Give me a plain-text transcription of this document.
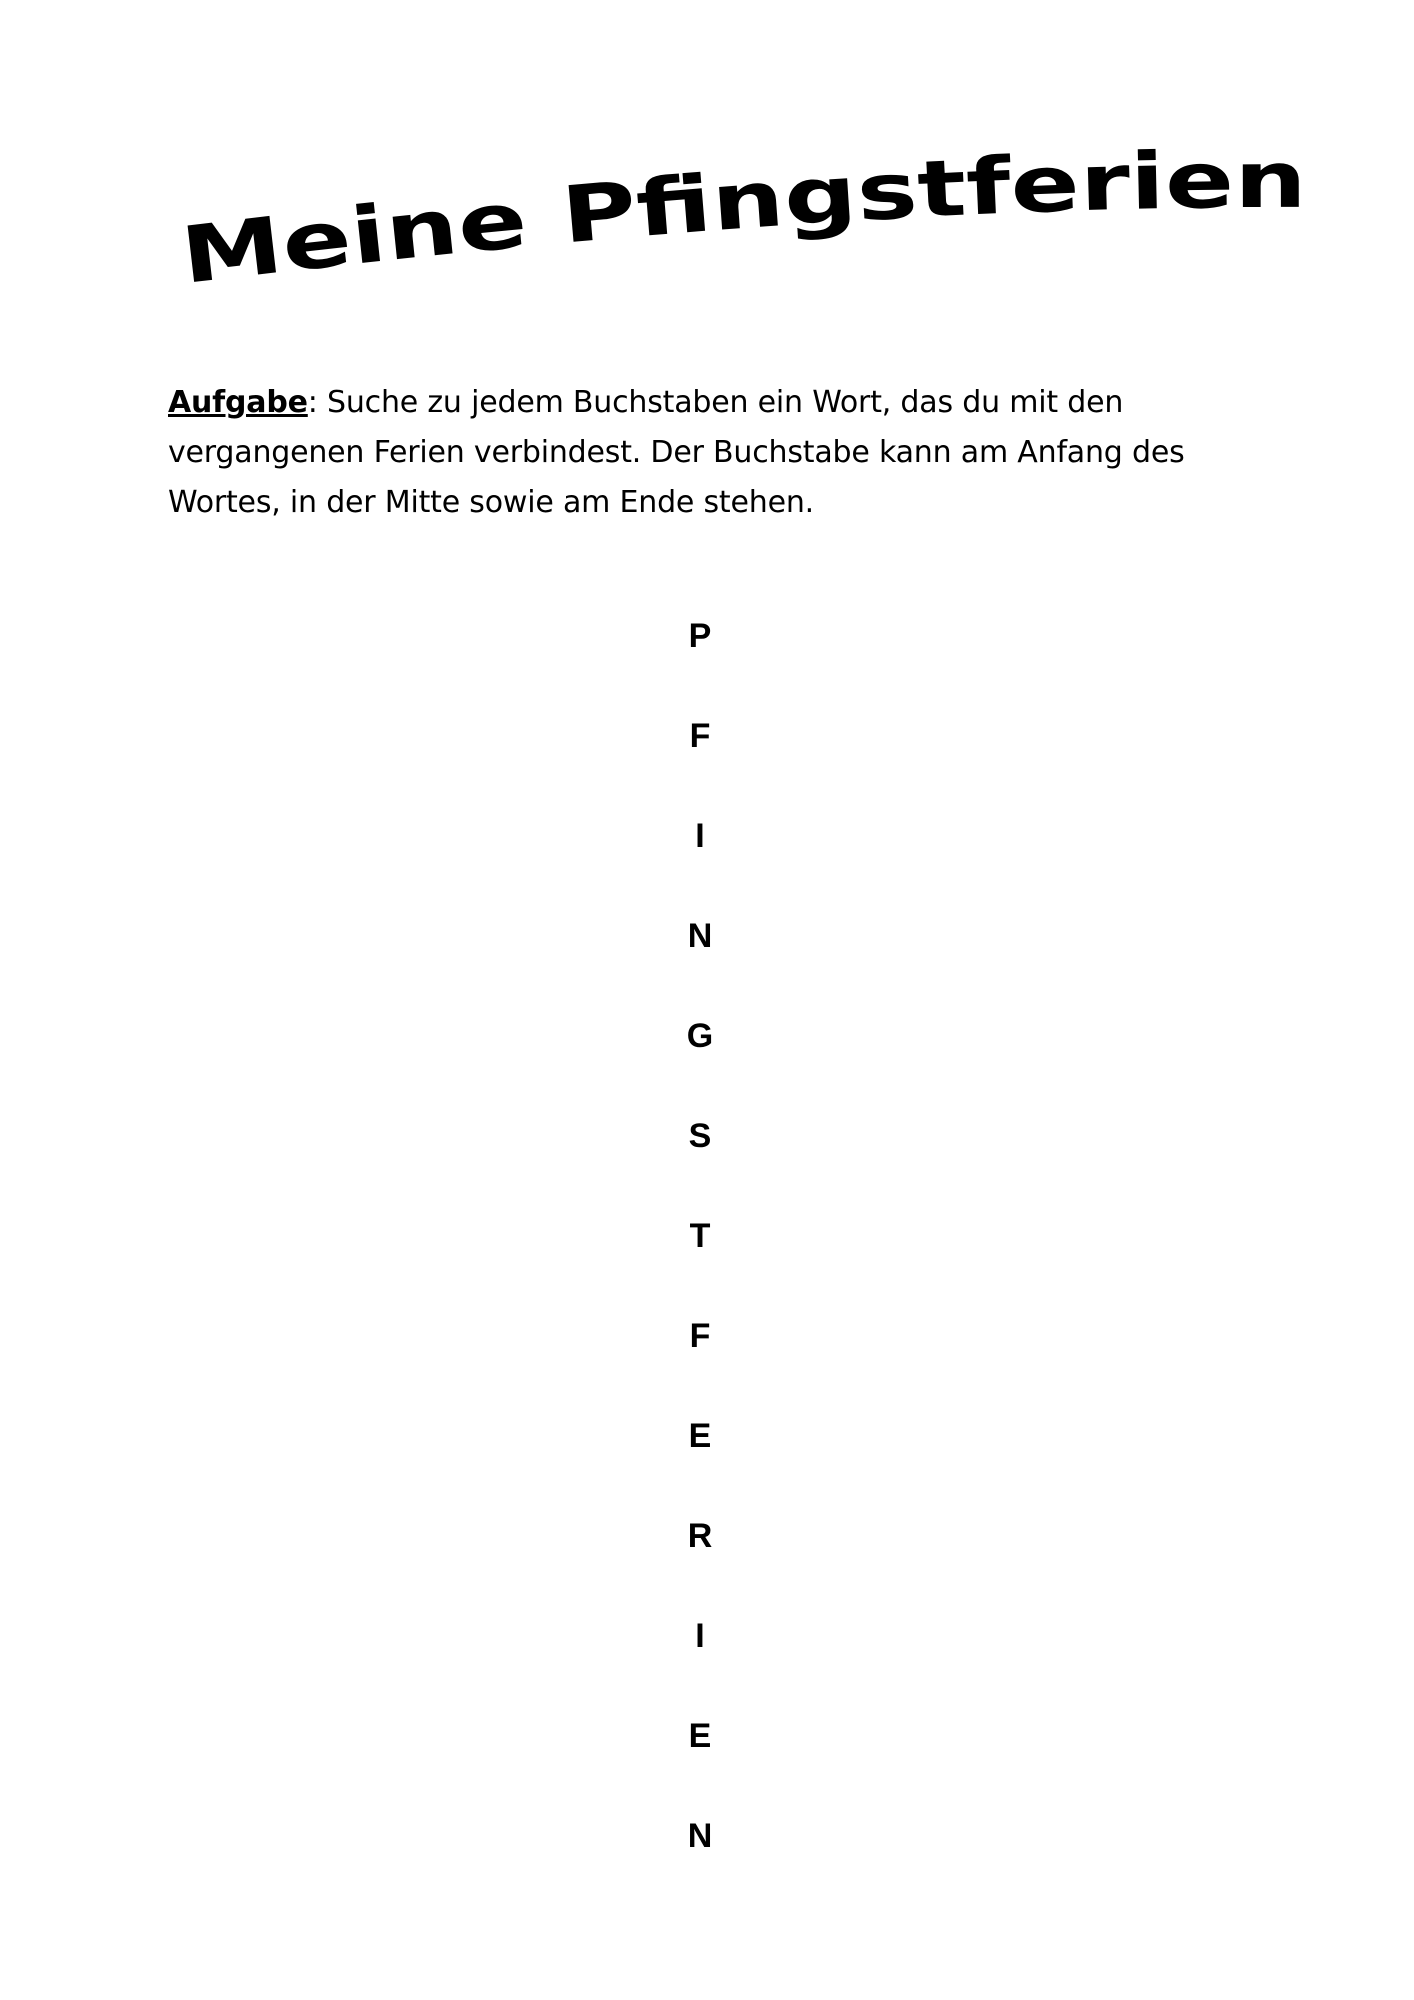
Meine Pfingstferien
Aufgabe: Suche zu jedem Buchstaben ein Wort, das du mit den vergangenen Ferien verbindest. Der Buchstabe kann am Anfang des Wortes, in der Mitte sowie am Ende stehen.
P
F
I
N
G
S
T
F
E
R
I
E
N
